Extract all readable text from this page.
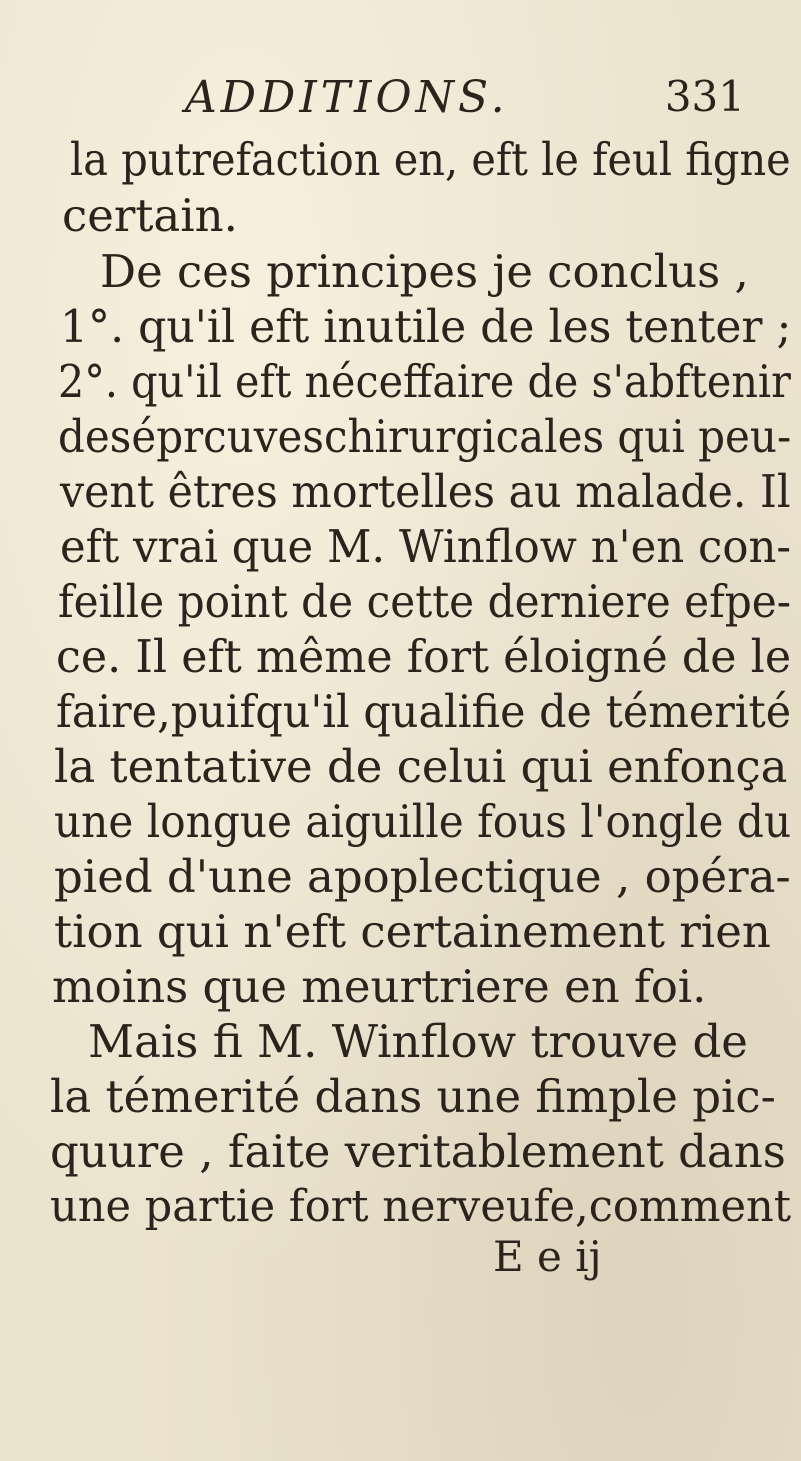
ADDITIONS.	331
la putrefaction en, eft le feul figne
certain.
De ces principes je conclus ,
1°. qu'il eft inutile de les tenter ;
2°. qu'il eft néceffaire de s'abftenir
deséprcuveschirurgicales qui peu-
vent êtres mortelles au malade. Il
eft vrai que M. Winflow n'en con-
feille point de cette derniere efpe-
ce. Il eft même fort éloigné de le
faire,puifqu'il qualifie de témerité
la tentative de celui qui enfonça
une longue aiguille fous l'ongle du
pied d'une apoplectique , opéra-
tion qui n'eft certainement rien
moins que meurtriere en foi.
Mais fi M. Winflow trouve de
la témerité dans une fimple pic-
quure , faite veritablement dans
une partie fort nerveufe,comment
E e ij
